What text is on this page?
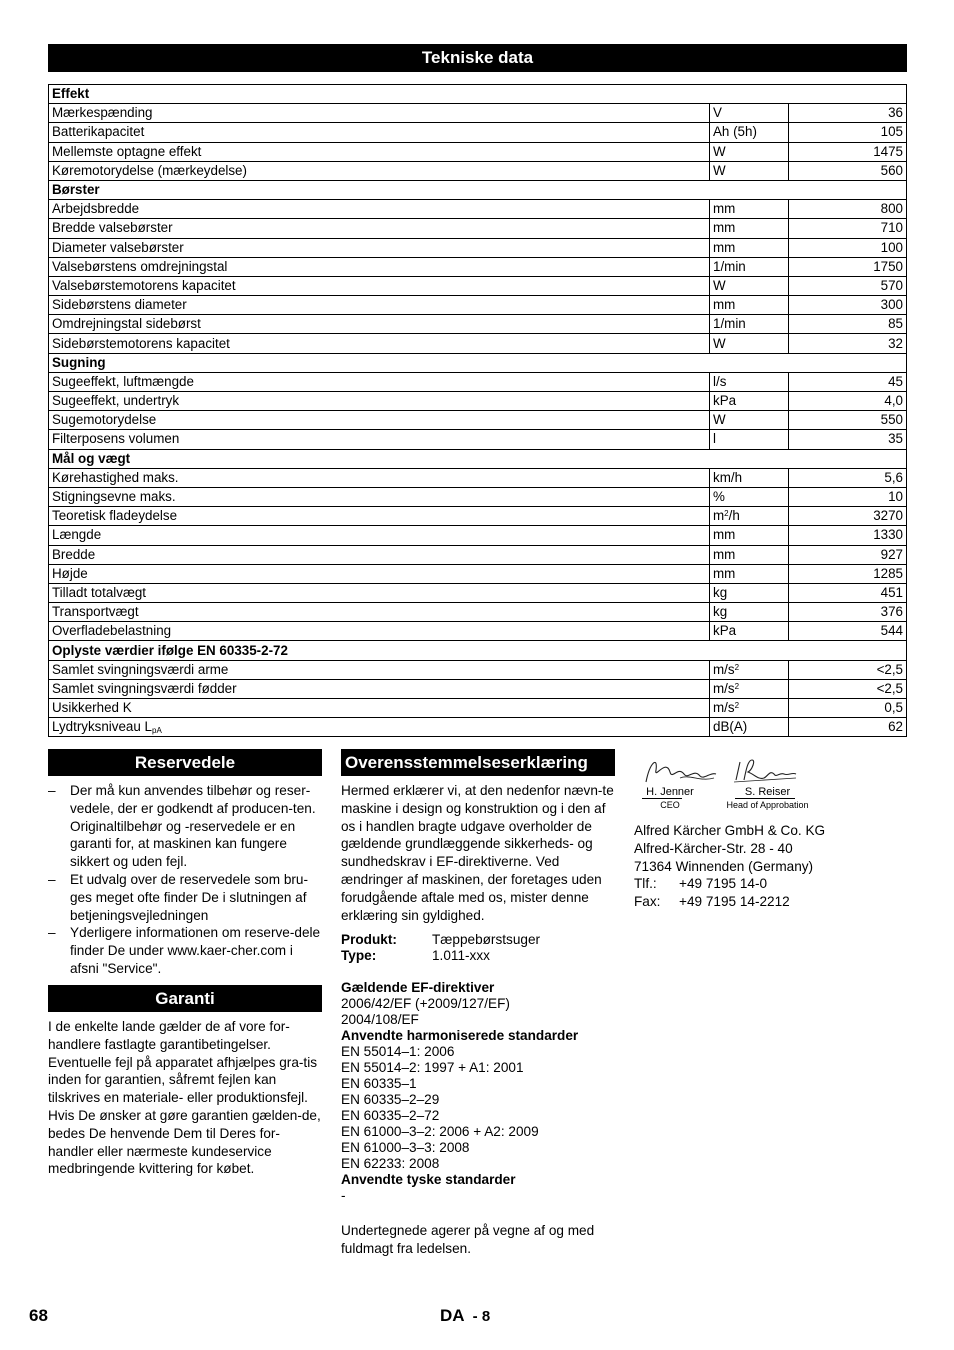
Tekniske data
Effekt		
Mærkespænding	V	36
Batterikapacitet	Ah (5h)	105
Mellemste optagne effekt	W	1475
Køremotorydelse (mærkeydelse)	W	560
Børster		
Arbejdsbredde	mm	800
Bredde valsebørster	mm	710
Diameter valsebørster	mm	100
Valsebørstens omdrejningstal	1/min	1750
Valsebørstemotorens kapacitet	W	570
Sidebørstens diameter	mm	300
Omdrejningstal sidebørst	1/min	85
Sidebørstemotorens kapacitet	W	32
Sugning		
Sugeeffekt, luftmængde	l/s	45
Sugeeffekt, undertryk	kPa	4,0
Sugemotorydelse	W	550
Filterposens volumen	l	35
Mål og vægt		
Kørehastighed maks.	km/h	5,6
Stigningsevne maks.	%	10
Teoretisk fladeydelse	$m^2/h$	3270
Længde	mm	1330
Bredde	mm	927
Højde	mm	1285
Tilladt totalvægt	kg	451
Transportvægt	kg	376
Overfladebelastning	kPa	544
Oplyste værdier ifølge EN 60335-2-72		
Samlet svingningsværdi arme	$m/s^2$	<2,5
Samlet svingningsværdi fødder	$m/s^2$	<2,5
Usikkerhed K	$m/s^2$	0,5
Lydtryksniveau $L_{pA}$	dB(A)	62
Reservedele
– Der må kun anvendes tilbehør og reser-vedele, der er godkendt af producen-ten. Originaltilbehør og -reservedele er en garanti for, at maskinen kan fungere sikkert og uden fejl.
– Et udvalg over de reservedele som bru-ges meget ofte finder De i slutningen af betjeningsvejledningen
– Yderligere informationen om reserve-dele finder De under www.kaer-cher.com i afsni "Service".
Garanti
I de enkelte lande gælder de af vore for-handlere fastlagte garantibetingelser. Eventuelle fejl på apparatet afhjælpes gra-tis inden for garantien, såfremt fejlen kan tilskrives en materiale- eller produktionsfejl. Hvis De ønsker at gøre garantien gælden-de, bedes De henvende Dem til Deres for-handler eller nærmeste kundeservice medbringende kvittering for købet.
Overensstemmelseserklæring
Hermed erklærer vi, at den nedenfor nævn-te maskine i design og konstruktion og i den af os i handlen bragte udgave overholder de gældende grundlæggende sikkerheds- og sundhedskrav i EF-direktiverne. Ved ændringer af maskinen, der foretages uden forudgående aftale med os, mister denne erklæring sin gyldighed.
Produkt:	Tæppebørstsuger
Type:	1.011-xxx
Gældende EF-direktiver
2006/42/EF (+2009/127/EF)
2004/108/EF
Anvendte harmoniserede standarder
EN 55014–1: 2006
EN 55014–2: 1997 + A1: 2001
EN 60335–1
EN 60335–2–29
EN 60335–2–72
EN 61000–3–2: 2006 + A2: 2009
EN 61000–3–3: 2008
EN 62233: 2008
Anvendte tyske standarder
-
Undertegnede agerer på vegne af og med fuldmagt fra ledelsen.
H. Jenner
CEO
S. Reiser
Head of Approbation
Alfred Kärcher GmbH & Co. KG
Alfred-Kärcher-Str. 28 - 40
71364 Winnenden (Germany)
Tlf.: +49 7195 14-0
Fax: +49 7195 14-2212
68	DA - 8
